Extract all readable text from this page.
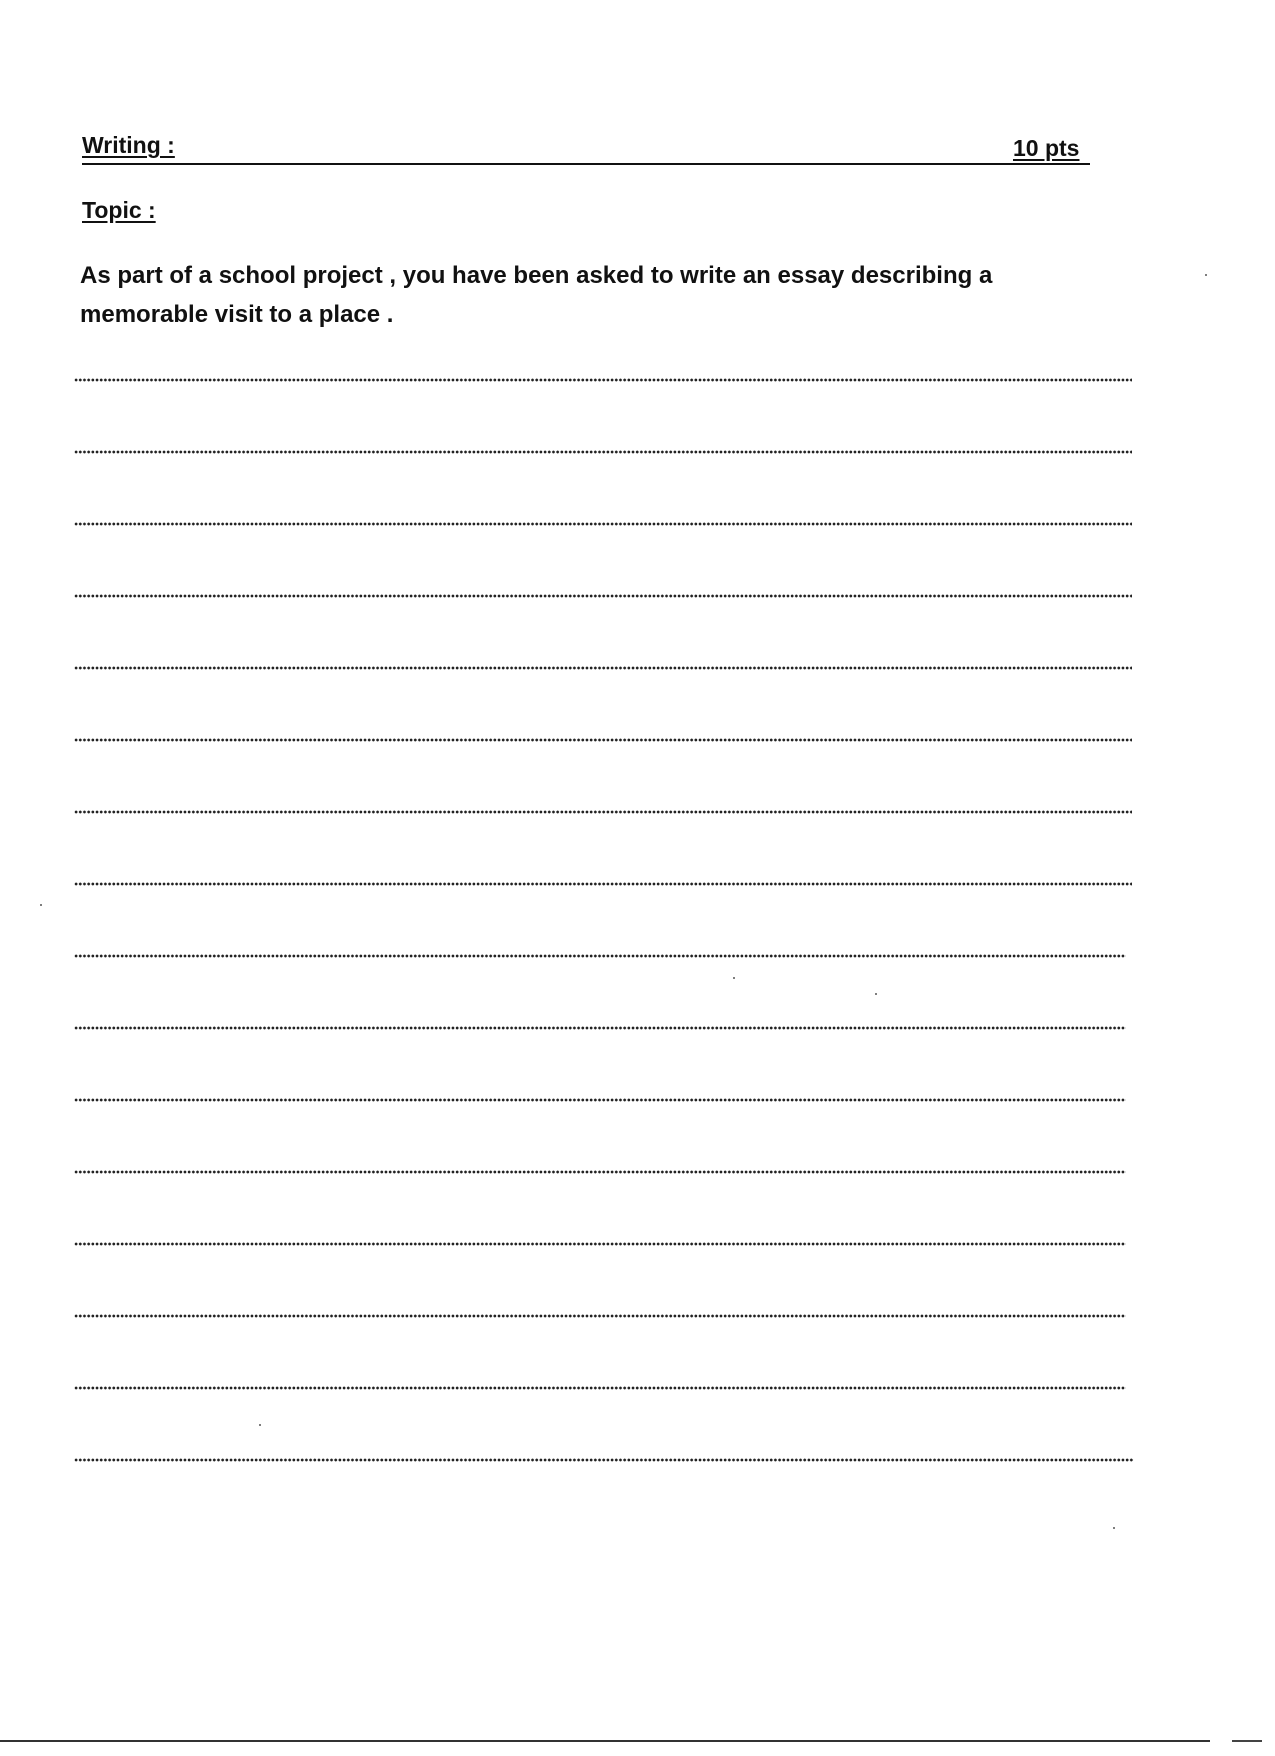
Writing :	10 pts
Topic :

As part of a school project , you have been asked to write an essay describing a memorable visit to a place .
